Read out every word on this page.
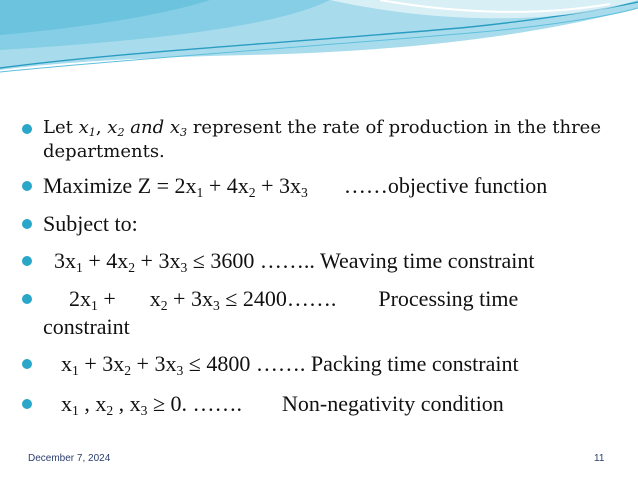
Let $x_1$, $x_2$ and $x_3$ represent the rate of production in the three departments.

Maximize $Z = 2x_1 + 4x_2 + 3x_3$ ……objective function

Subject to:

$3x_1 + 4x_2 + 3x_3 \le 3600$ …….. Weaving time constraint

$2x_1 + x_2 + 3x_3$ ≤ 2400……. Processing time
constraint

$x_1 + 3x_2 + 3x_3 \le 4800$ ……. Packing time constraint

$x_1$ , $x_2$ , $x_3 \ge 0$. ……. Non-negativity condition

December 7, 2024	11
